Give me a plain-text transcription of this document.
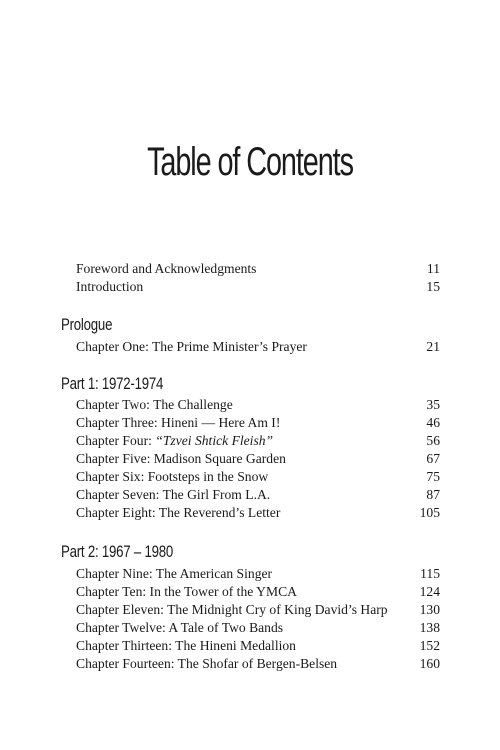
Table of Contents
Foreword and Acknowledgments	11
Introduction	15
Prologue
Chapter One: The Prime Minister’s Prayer	21
Part 1: 1972-1974
Chapter Two: The Challenge	35
Chapter Three: Hineni — Here Am I!	46
Chapter Four: “Tzvei Shtick Fleish”	56
Chapter Five: Madison Square Garden	67
Chapter Six: Footsteps in the Snow	75
Chapter Seven: The Girl From L.A.	87
Chapter Eight: The Reverend’s Letter	105
Part 2: 1967 – 1980
Chapter Nine: The American Singer	115
Chapter Ten: In the Tower of the YMCA	124
Chapter Eleven: The Midnight Cry of King David’s Harp 130
Chapter Twelve: A Tale of Two Bands	138
Chapter Thirteen: The Hineni Medallion	152
Chapter Fourteen: The Shofar of Bergen-Belsen	160
